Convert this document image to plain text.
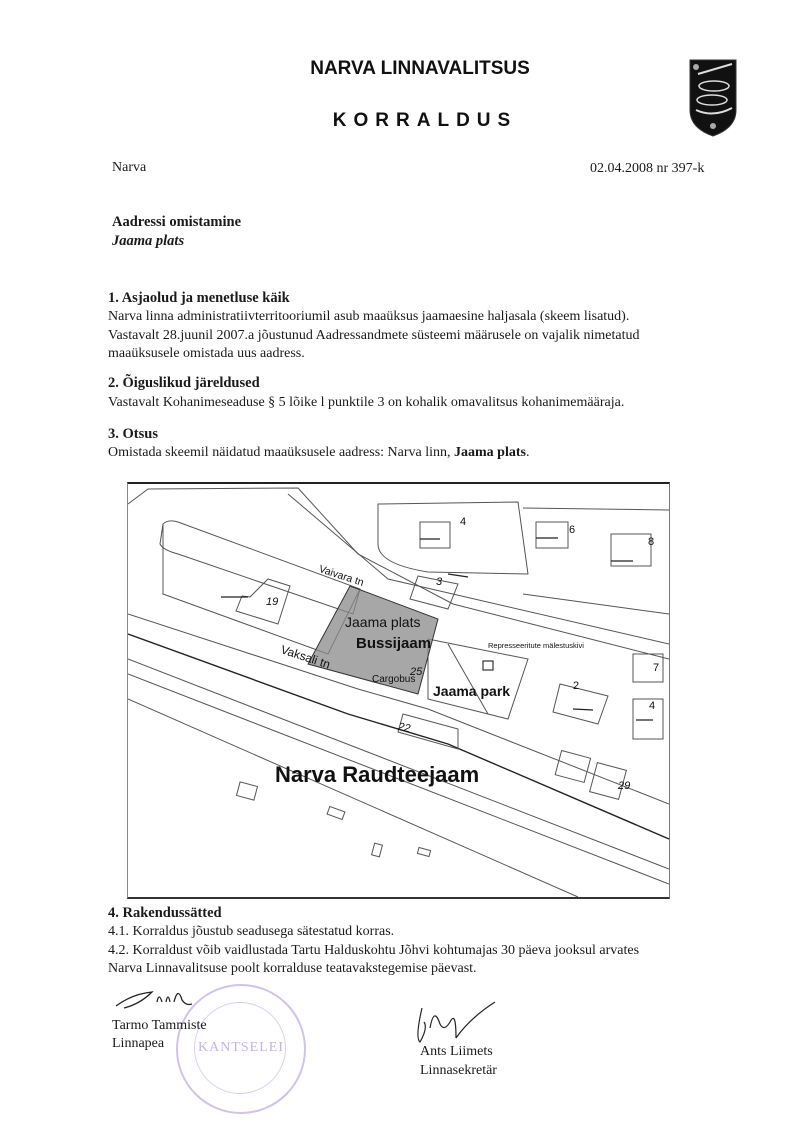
NARVA LINNAVALITSUS
KORRALDUS
Narva	02.04.2008 nr 397-k
Aadressi omistamine
Jaama plats
1. Asjaolud ja menetluse käik
Narva linna administratiivterritooriumil asub maaüksus jaamaesine haljasala (skeem lisatud).
Vastavalt 28.juunil 2007.a jõustunud Aadressandmete süsteemi määrusele on vajalik nimetatud
maaüksusele omistada uus aadress.
2. Õiguslikud järeldused
Vastavalt Kohanimeseaduse § 5 lõike l punktile 3 on kohalik omavalitsus kohanimemääraja.
3. Otsus
Omistada skeemil näidatud maaüksusele aadress: Narva linn, Jaama plats.
4
6
8
3
19
25	7
2
4
22
29
Vaivara tn
Vaksali tn
Jaama plats
Bussijaam
Cargobus
Jaama park
Repressееritute mälestuskivi
Narva Raudteejaam
4. Rakendussätted
4.1. Korraldus jõustub seadusega sätestatud korras.
4.2. Korraldust võib vaidlustada Tartu Halduskohtu Jõhvi kohtumajas 30 päeva jooksul arvates
Narva Linnavalitsuse poolt korralduse teatavakstegemise päevast.
KANTSELEI
Tarmo Tammiste
Linnapea
Ants Liimets
Linnasekretär
